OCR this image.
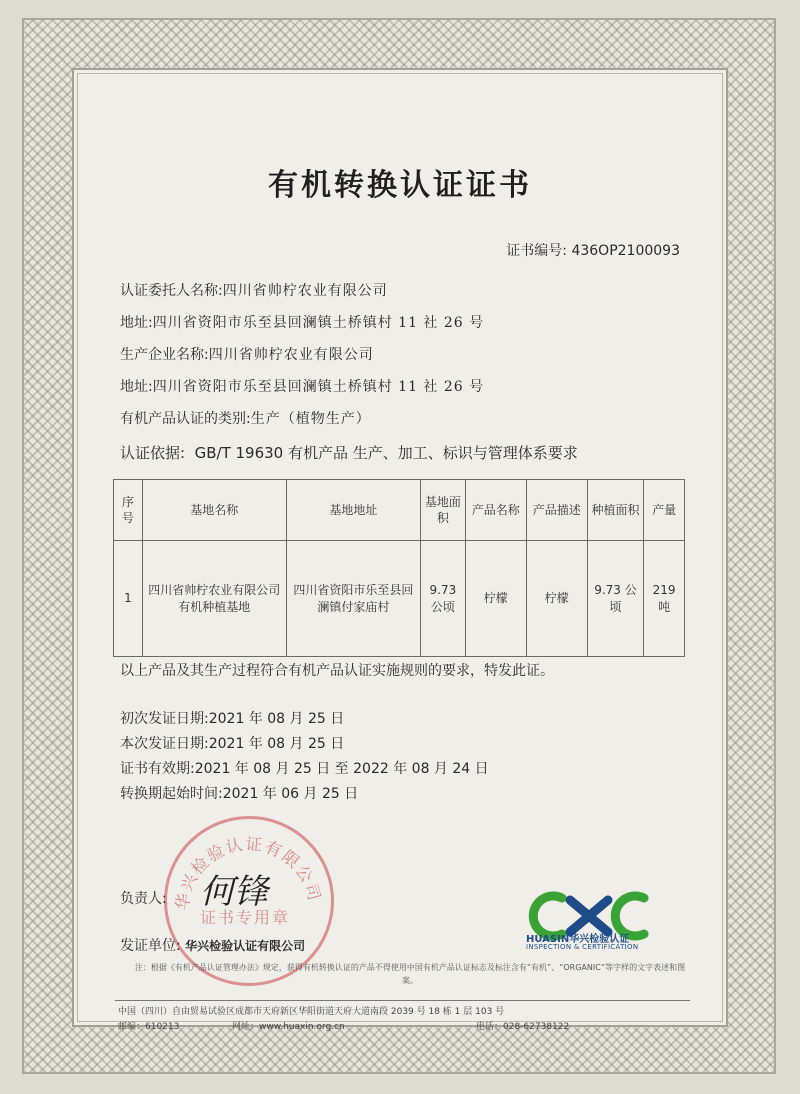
有机转换认证证书
证书编号: 436OP2100093
认证委托人名称:四川省帅柠农业有限公司
地址:四川省资阳市乐至县回澜镇土桥镇村 11 社 26 号
生产企业名称:四川省帅柠农业有限公司
地址:四川省资阳市乐至县回澜镇土桥镇村 11 社 26 号
有机产品认证的类别:生产（植物生产）
认证依据: GB/T 19630 有机产品 生产、加工、标识与管理体系要求
序号	基地名称	基地地址	基地面积	产品名称	产品描述	种植面积	产量
1	四川省帅柠农业有限公司有机种植基地	四川省资阳市乐至县回澜镇付家庙村	9.73 公顷	柠檬	柠檬	9.73 公顷	219 吨
以上产品及其生产过程符合有机产品认证实施规则的要求，特发此证。
初次发证日期:2021 年 08 月 25 日
本次发证日期:2021 年 08 月 25 日
证书有效期:2021 年 08 月 25 日 至 2022 年 08 月 24 日
转换期起始时间:2021 年 06 月 25 日
华兴检验认证有限公司
证书专用章
负责人: 何锋
发证单位: 华兴检验认证有限公司	HUASIN华兴检验认证
INSPECTION & CERTIFICATION
注：根据《有机产品认证管理办法》规定，获得有机转换认证的产品不得使用中国有机产品认证标志及标注含有“有机”、“ORGANIC”等字样的文字表述和图案。
中国（四川）自由贸易试验区成都市天府新区华阳街道天府大道南段 2039 号 18 栋 1 层 103 号
邮编：610213	网址：www.huaxin.org.cn	电话：028-62738122
